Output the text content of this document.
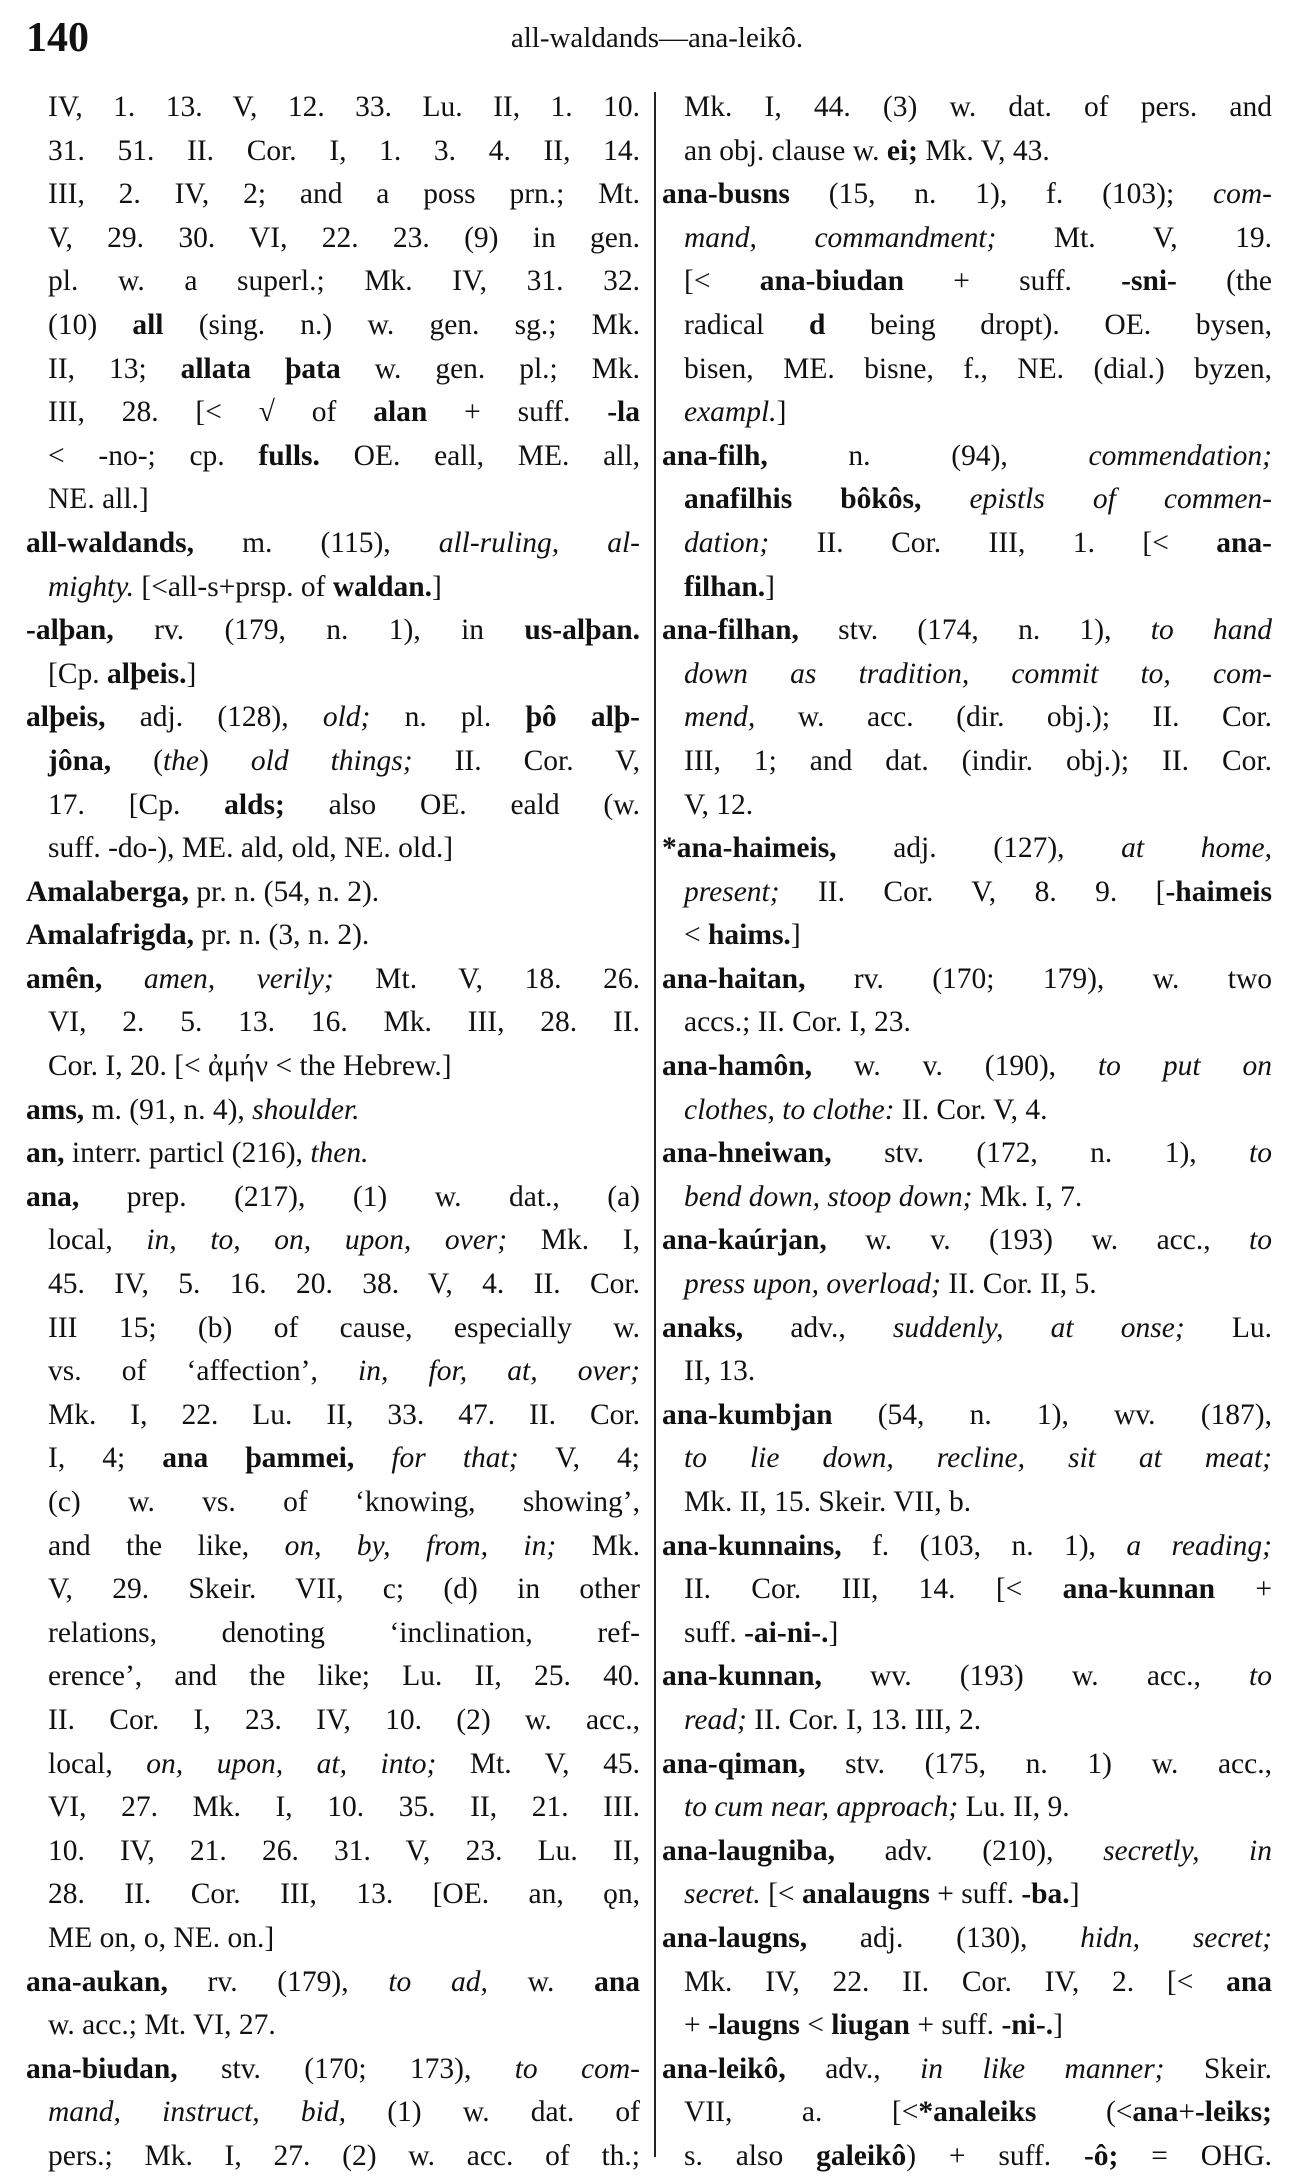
140	all-waldands—ana-leikô.
IV, 1. 13. V, 12. 33. Lu. II, 1. 10.
31. 51. II. Cor. I, 1. 3. 4. II, 14.
III, 2. IV, 2; and a poss prn.; Mt.
V, 29. 30. VI, 22. 23. (9) in gen.
pl. w. a superl.; Mk. IV, 31. 32.
(10) all (sing. n.) w. gen. sg.; Mk.
II, 13; allata þata w. gen. pl.; Mk.
III, 28. [< √ of alan + suff. -la
< -no-; cp. fulls. OE. eall, ME. all,
NE. all.]
all-waldands, m. (115), all-ruling, al-
mighty. [<all-s+prsp. of waldan.]
-alþan, rv. (179, n. 1), in us-alþan.
[Cp. alþeis.]
alþeis, adj. (128), old; n. pl. þô alþ-
jôna, (the) old things; II. Cor. V,
17. [Cp. alds; also OE. eald (w.
suff. -do-), ME. ald, old, NE. old.]
Amalaberga, pr. n. (54, n. 2).
Amalafrigda, pr. n. (3, n. 2).
amên, amen, verily; Mt. V, 18. 26.
VI, 2. 5. 13. 16. Mk. III, 28. II.
Cor. I, 20. [< ἀμήν < the Hebrew.]
ams, m. (91, n. 4), shoulder.
an, interr. particl (216), then.
ana, prep. (217), (1) w. dat., (a)
local, in, to, on, upon, over; Mk. I,
45. IV, 5. 16. 20. 38. V, 4. II. Cor.
III 15; (b) of cause, especially w.
vs. of ‘affection’, in, for, at, over;
Mk. I, 22. Lu. II, 33. 47. II. Cor.
I, 4; ana þammei, for that; V, 4;
(c) w. vs. of ‘knowing, showing’,
and the like, on, by, from, in; Mk.
V, 29. Skeir. VII, c; (d) in other
relations, denoting ‘inclination, ref-
erence’, and the like; Lu. II, 25. 40.
II. Cor. I, 23. IV, 10. (2) w. acc.,
local, on, upon, at, into; Mt. V, 45.
VI, 27. Mk. I, 10. 35. II, 21. III.
10. IV, 21. 26. 31. V, 23. Lu. II,
28. II. Cor. III, 13. [OE. an, ǫn,
ME on, o, NE. on.]
ana-aukan, rv. (179), to ad, w. ana
w. acc.; Mt. VI, 27.
ana-biudan, stv. (170; 173), to com-
mand, instruct, bid, (1) w. dat. of
pers.; Mk. I, 27. (2) w. acc. of th.;
Mk. I, 44. (3) w. dat. of pers. and
an obj. clause w. ei; Mk. V, 43.
ana-busns (15, n. 1), f. (103); com-
mand, commandment; Mt. V, 19.
[< ana-biudan + suff. -sni- (the
radical d being dropt). OE. bysen,
bisen, ME. bisne, f., NE. (dial.) byzen,
exampl.]
ana-filh, n. (94), commendation;
anafilhis bôkôs, epistls of commen-
dation; II. Cor. III, 1. [< ana-
filhan.]
ana-filhan, stv. (174, n. 1), to hand
down as tradition, commit to, com-
mend, w. acc. (dir. obj.); II. Cor.
III, 1; and dat. (indir. obj.); II. Cor.
V, 12.
*ana-haimeis, adj. (127), at home,
present; II. Cor. V, 8. 9. [-haimeis
< haims.]
ana-haitan, rv. (170; 179), w. two
accs.; II. Cor. I, 23.
ana-hamôn, w. v. (190), to put on
clothes, to clothe: II. Cor. V, 4.
ana-hneiwan, stv. (172, n. 1), to
bend down, stoop down; Mk. I, 7.
ana-kaúrjan, w. v. (193) w. acc., to
press upon, overload; II. Cor. II, 5.
anaks, adv., suddenly, at onse; Lu.
II, 13.
ana-kumbjan (54, n. 1), wv. (187),
to lie down, recline, sit at meat;
Mk. II, 15. Skeir. VII, b.
ana-kunnains, f. (103, n. 1), a reading;
II. Cor. III, 14. [< ana-kunnan +
suff. -ai-ni-.]
ana-kunnan, wv. (193) w. acc., to
read; II. Cor. I, 13. III, 2.
ana-qiman, stv. (175, n. 1) w. acc.,
to cum near, approach; Lu. II, 9.
ana-laugniba, adv. (210), secretly, in
secret. [< analaugns + suff. -ba.]
ana-laugns, adj. (130), hidn, secret;
Mk. IV, 22. II. Cor. IV, 2. [< ana
+ -laugns < liugan + suff. -ni-.]
ana-leikô, adv., in like manner; Skeir.
VII, a. [<*analeiks (<ana+-leiks;
s. also galeikô) + suff. -ô; = OHG.
